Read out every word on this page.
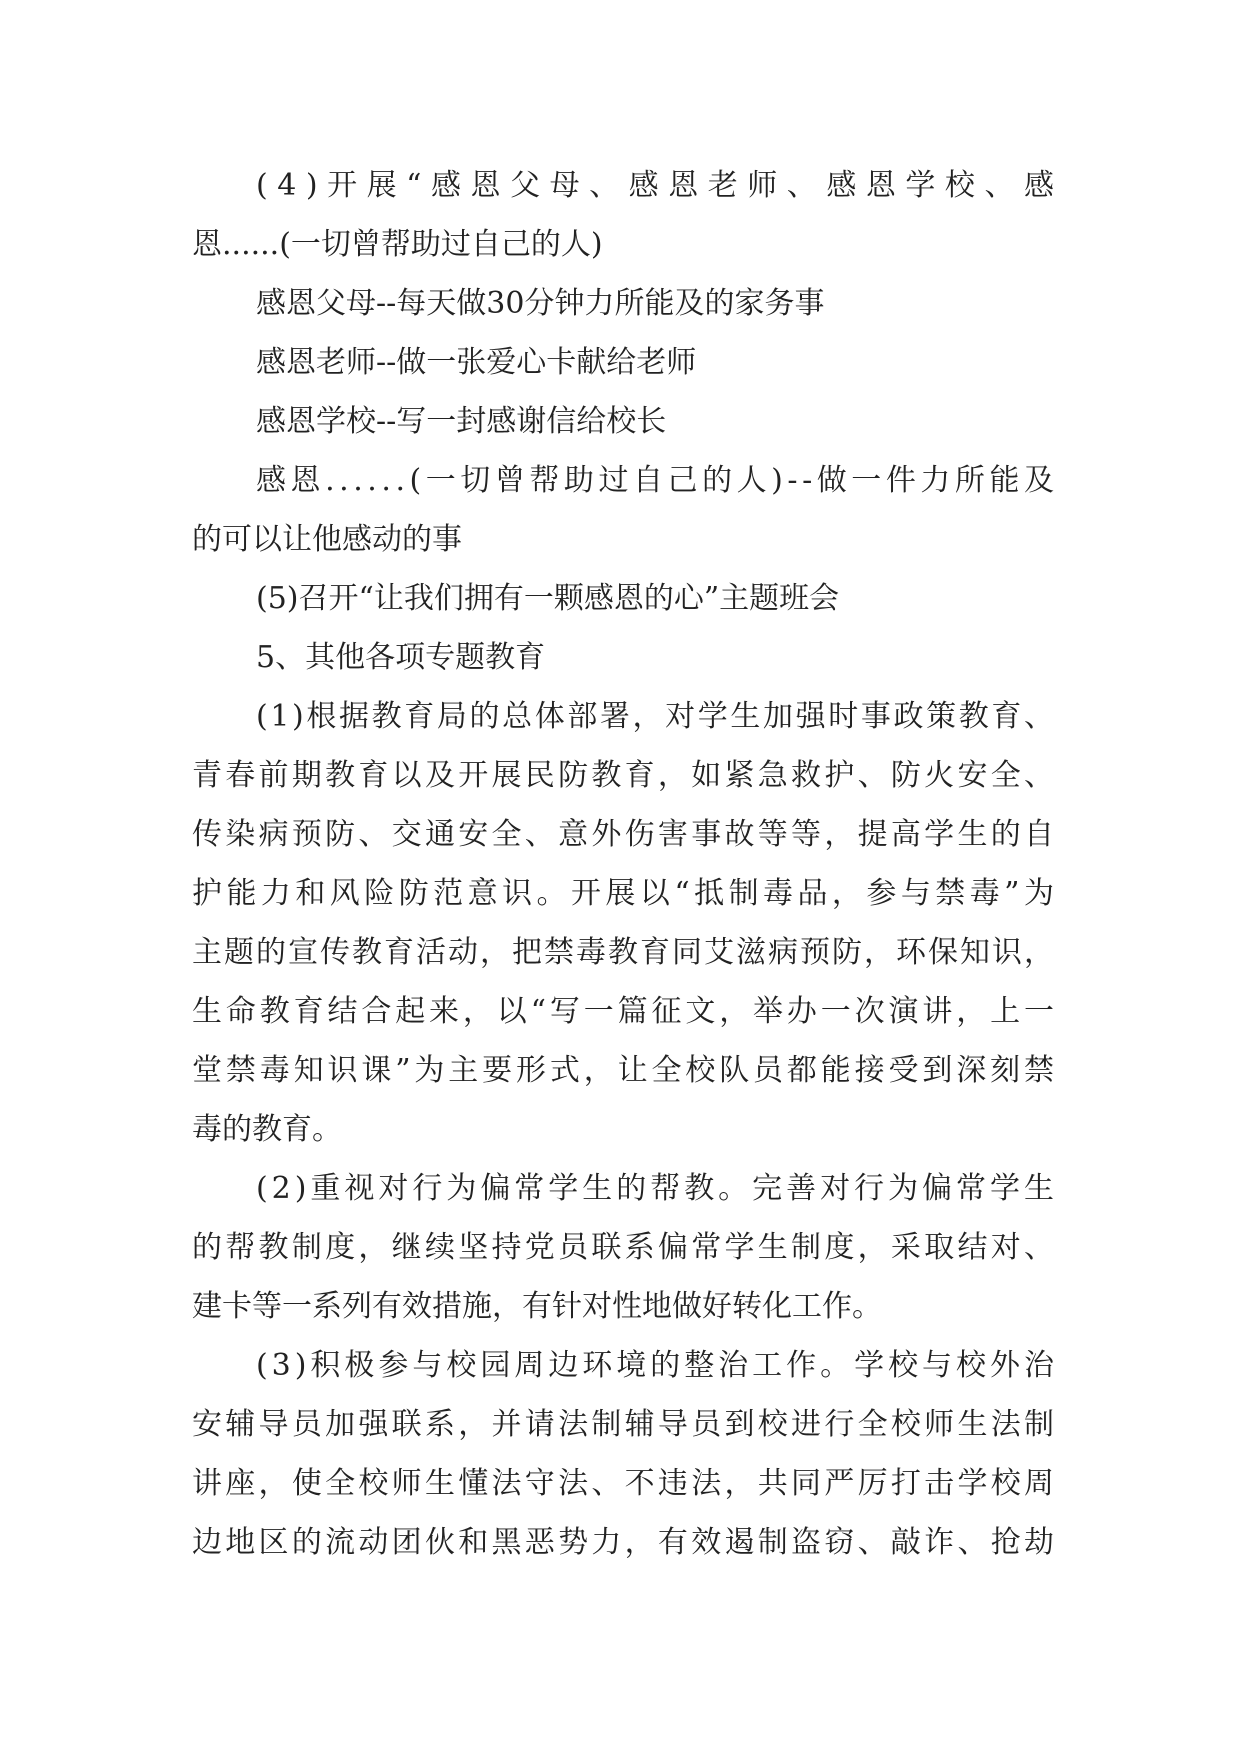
(4)开展“感恩父母、感恩老师、感恩学校、感
恩......(一切曾帮助过自己的人)
感恩父母--每天做30分钟力所能及的家务事
感恩老师--做一张爱心卡献给老师
感恩学校--写一封感谢信给校长
感恩......(一切曾帮助过自己的人)--做一件力所能及
的可以让他感动的事
(5)召开“让我们拥有一颗感恩的心”主题班会
5、其他各项专题教育
(1)根据教育局的总体部署，对学生加强时事政策教育、
青春前期教育以及开展民防教育，如紧急救护、防火安全、
传染病预防、交通安全、意外伤害事故等等，提高学生的自
护能力和风险防范意识。开展以“抵制毒品，参与禁毒”为
主题的宣传教育活动，把禁毒教育同艾滋病预防，环保知识，
生命教育结合起来，以“写一篇征文，举办一次演讲，上一
堂禁毒知识课”为主要形式，让全校队员都能接受到深刻禁
毒的教育。
(2)重视对行为偏常学生的帮教。完善对行为偏常学生
的帮教制度，继续坚持党员联系偏常学生制度，采取结对、
建卡等一系列有效措施，有针对性地做好转化工作。
(3)积极参与校园周边环境的整治工作。学校与校外治
安辅导员加强联系，并请法制辅导员到校进行全校师生法制
讲座，使全校师生懂法守法、不违法，共同严厉打击学校周
边地区的流动团伙和黑恶势力，有效遏制盗窃、敲诈、抢劫
